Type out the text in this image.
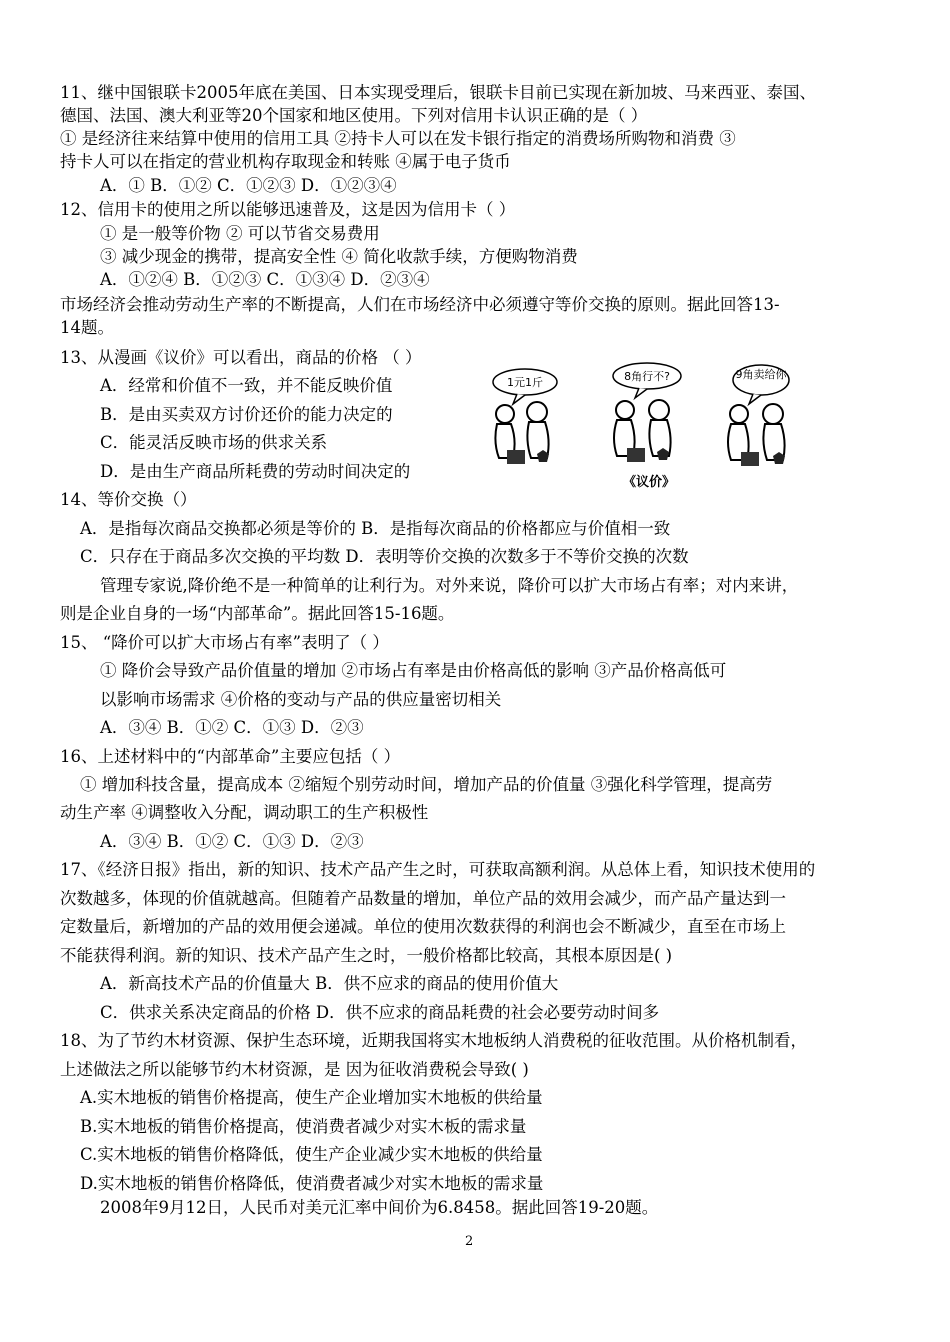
11、继中国银联卡2005年底在美国、日本实现受理后，银联卡目前已实现在新加坡、马来西亚、泰国、
德国、法国、澳大利亚等20个国家和地区使用。下列对信用卡认识正确的是（ ）
① 是经济往来结算中使用的信用工具 ②持卡人可以在发卡银行指定的消费场所购物和消费 ③
持卡人可以在指定的营业机构存取现金和转账 ④属于电子货币
A．① B．①② C．①②③ D．①②③④
12、信用卡的使用之所以能够迅速普及，这是因为信用卡（ ）
① 是一般等价物 ② 可以节省交易费用
③ 减少现金的携带，提高安全性 ④ 简化收款手续，方便购物消费
A．①②④ B．①②③ C．①③④ D．②③④
市场经济会推动劳动生产率的不断提高，人们在市场经济中必须遵守等价交换的原则。据此回答13-
14题。
13、从漫画《议价》可以看出，商品的价格 （ ）
A．经常和价值不一致，并不能反映价值
B．是由买卖双方讨价还价的能力决定的
C．能灵活反映市场的供求关系
D．是由生产商品所耗费的劳动时间决定的
14、等价交换（）
A．是指每次商品交换都必须是等价的 B．是指每次商品的价格都应与价值相一致
C．只存在于商品多次交换的平均数 D．表明等价交换的次数多于不等价交换的次数
管理专家说,降价绝不是一种简单的让利行为。对外来说，降价可以扩大市场占有率；对内来讲，
则是企业自身的一场“内部革命”。据此回答15-16题。
15、 “降价可以扩大市场占有率”表明了（ ）
① 降价会导致产品价值量的增加 ②市场占有率是由价格高低的影响 ③产品价格高低可
以影响市场需求 ④价格的变动与产品的供应量密切相关
A．③④ B．①② C．①③ D．②③
16、上述材料中的“内部革命”主要应包括（ ）
① 增加科技含量，提高成本 ②缩短个别劳动时间，增加产品的价值量 ③强化科学管理，提高劳
动生产率 ④调整收入分配，调动职工的生产积极性
A．③④ B．①② C．①③ D．②③
17、《经济日报》指出，新的知识、技术产品产生之时，可获取高额利润。从总体上看，知识技术使用的
次数越多，体现的价值就越高。但随着产品数量的增加，单位产品的效用会减少，而产品产量达到一
定数量后，新增加的产品的效用便会递减。单位的使用次数获得的利润也会不断减少，直至在市场上
不能获得利润。新的知识、技术产品产生之时，一般价格都比较高，其根本原因是( )
A．新高技术产品的价值量大 B．供不应求的商品的使用价值大
C．供求关系决定商品的价格 D．供不应求的商品耗费的社会必要劳动时间多
18、为了节约木材资源、保护生态环境，近期我国将实木地板纳人消费税的征收范围。从价格机制看，
上述做法之所以能够节约木材资源，是 因为征收消费税会导致( )
A.实木地板的销售价格提高，使生产企业增加实木地板的供给量
B.实木地板的销售价格提高，使消费者减少对实木板的需求量
C.实木地板的销售价格降低，使生产企业减少实木地板的供给量
D.实木地板的销售价格降低，使消费者减少对实木地板的需求量
2008年9月12日，人民币对美元汇率中间价为6.8458。据此回答19-20题。
1元1斤	8角行不?	9角卖给你
《议价》
2
